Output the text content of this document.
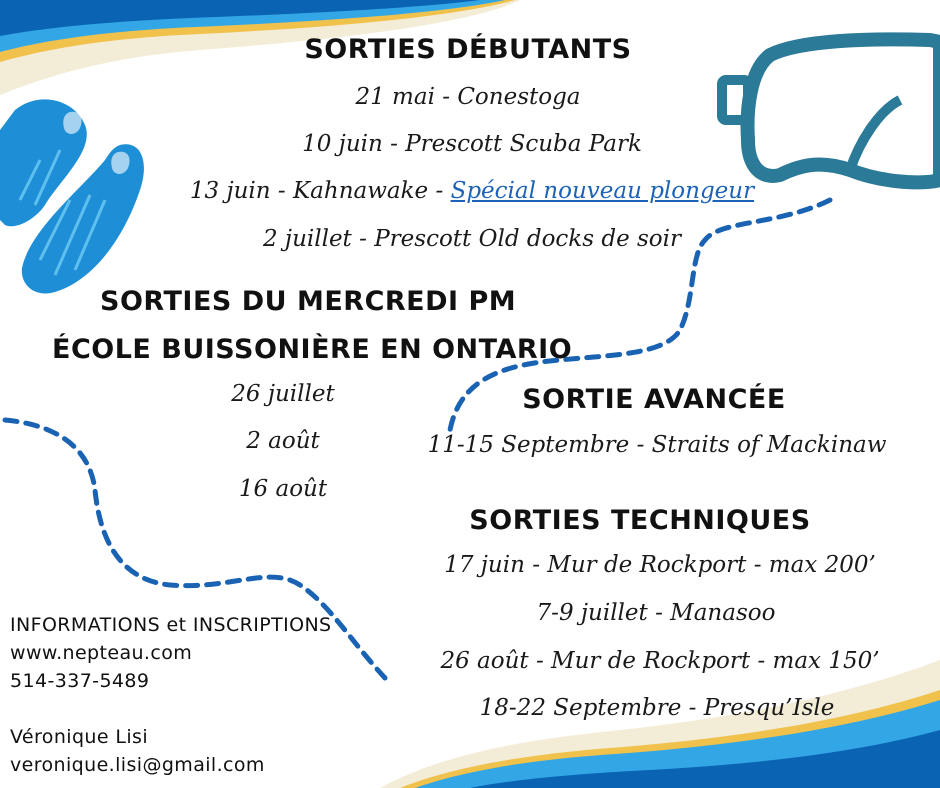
SORTIES DÉBUTANTS
21 mai - Conestoga
10 juin - Prescott Scuba Park
13 juin - Kahnawake - Spécial nouveau plongeur
2 juillet - Prescott Old docks de soir
SORTIES DU MERCREDI PM
ÉCOLE BUISSONIÈRE EN ONTARIO
26 juillet
2 août
16 août
SORTIE AVANCÉE
11-15 Septembre - Straits of Mackinaw
SORTIES TECHNIQUES
17 juin - Mur de Rockport - max 200’
7-9 juillet - Manasoo
26 août - Mur de Rockport - max 150’
18-22 Septembre - Presqu’Isle
INFORMATIONS et INSCRIPTIONS
www.nepteau.com
514-337-5489
Véronique Lisi
veronique.lisi@gmail.com
